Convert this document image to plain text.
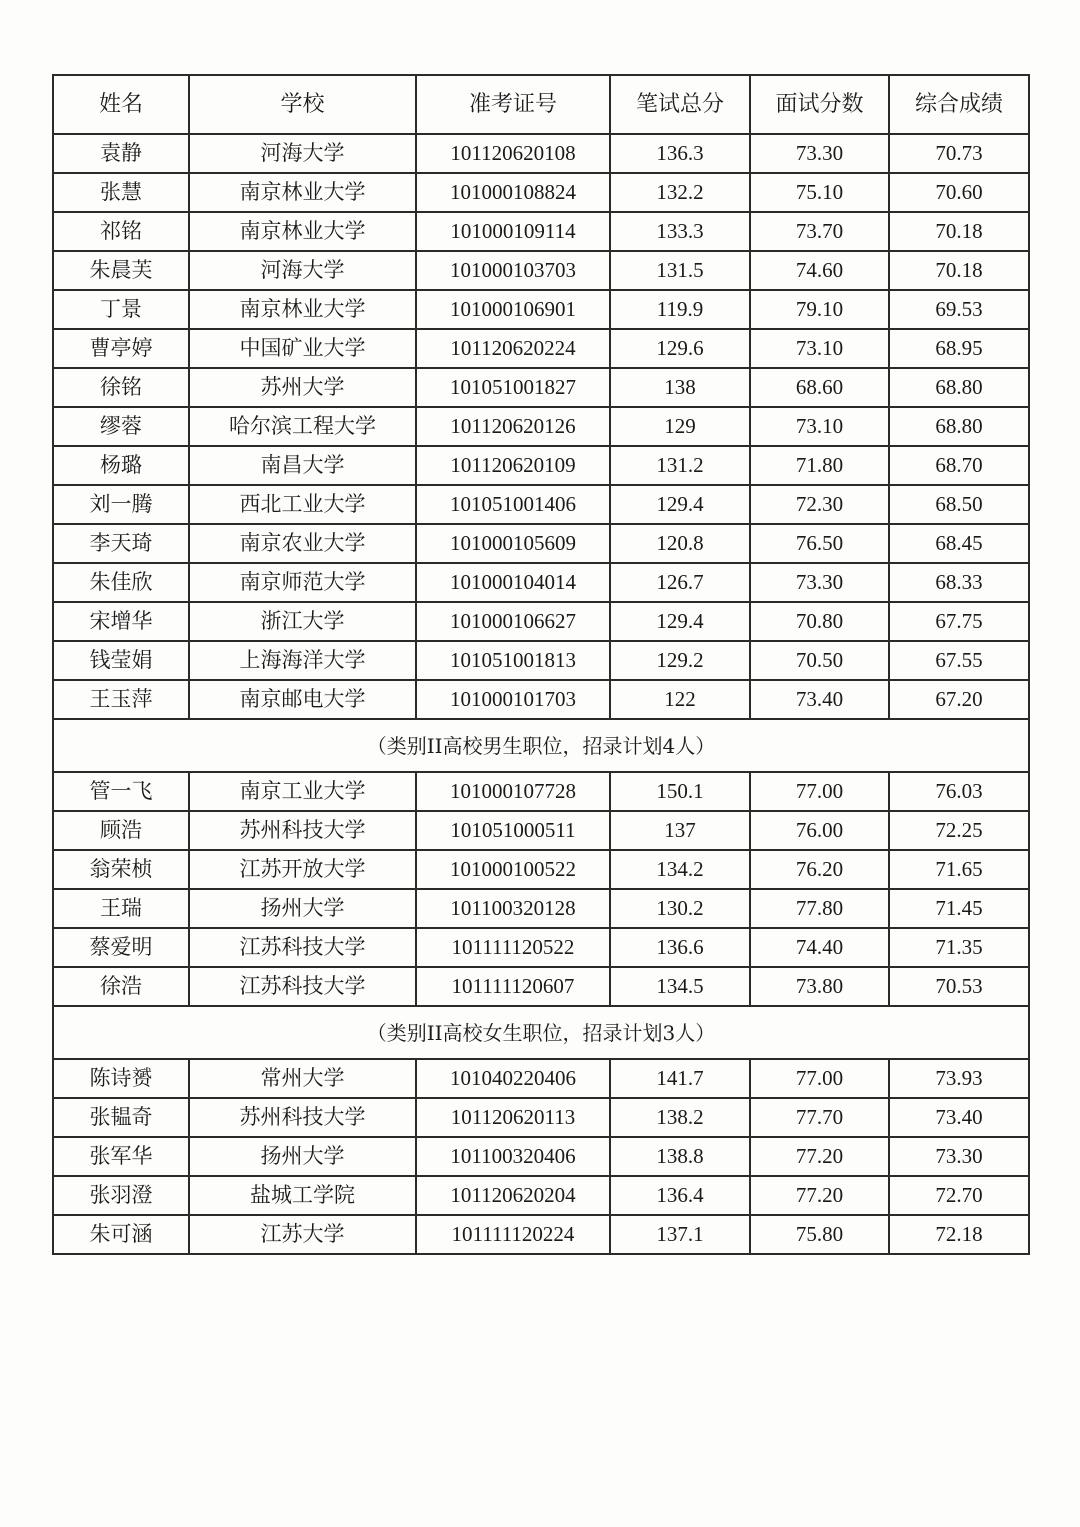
姓名	学校	准考证号	笔试总分	面试分数	综合成绩
袁静	河海大学	101120620108	136.3	73.30	70.73
张慧	南京林业大学	101000108824	132.2	75.10	70.60
祁铭	南京林业大学	101000109114	133.3	73.70	70.18
朱晨芙	河海大学	101000103703	131.5	74.60	70.18
丁景	南京林业大学	101000106901	119.9	79.10	69.53
曹亭婷	中国矿业大学	101120620224	129.6	73.10	68.95
徐铭	苏州大学	101051001827	138	68.60	68.80
缪蓉	哈尔滨工程大学	101120620126	129	73.10	68.80
杨璐	南昌大学	101120620109	131.2	71.80	68.70
刘一腾	西北工业大学	101051001406	129.4	72.30	68.50
李天琦	南京农业大学	101000105609	120.8	76.50	68.45
朱佳欣	南京师范大学	101000104014	126.7	73.30	68.33
宋增华	浙江大学	101000106627	129.4	70.80	67.75
钱莹娟	上海海洋大学	101051001813	129.2	70.50	67.55
王玉萍	南京邮电大学	101000101703	122	73.40	67.20
（类别II高校男生职位，招录计划4人）					
管一飞	南京工业大学	101000107728	150.1	77.00	76.03
顾浩	苏州科技大学	101051000511	137	76.00	72.25
翁荣桢	江苏开放大学	101000100522	134.2	76.20	71.65
王瑞	扬州大学	101100320128	130.2	77.80	71.45
蔡爱明	江苏科技大学	101111120522	136.6	74.40	71.35
徐浩	江苏科技大学	101111120607	134.5	73.80	70.53
（类别II高校女生职位，招录计划3人）					
陈诗赟	常州大学	101040220406	141.7	77.00	73.93
张韫奇	苏州科技大学	101120620113	138.2	77.70	73.40
张军华	扬州大学	101100320406	138.8	77.20	73.30
张羽澄	盐城工学院	101120620204	136.4	77.20	72.70
朱可涵	江苏大学	101111120224	137.1	75.80	72.18
